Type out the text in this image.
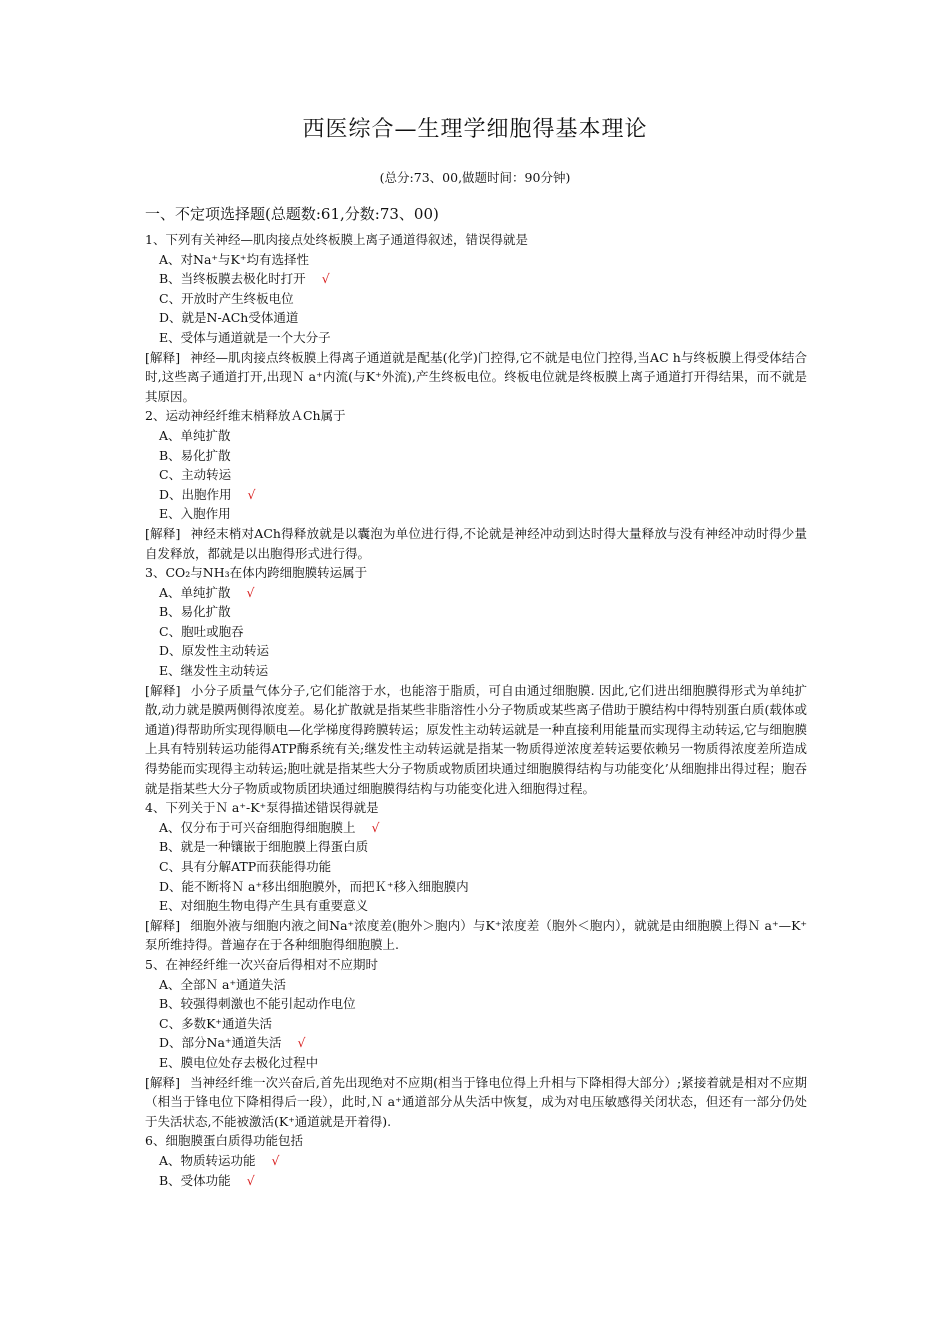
西医综合—生理学细胞得基本理论
(总分:73、00,做题时间：90分钟)
一、不定项选择题(总题数:61,分数:73、00)
1、下列有关神经—肌肉接点处终板膜上离子通道得叙述，错误得就是
A、对Na⁺与K⁺均有选择性
B、当终板膜去极化时打开 √
C、开放时产生终板电位
D、就是N-ACh受体通道
E、受体与通道就是一个大分子
[解释] 神经—肌肉接点终板膜上得离子通道就是配基(化学)门控得,它不就是电位门控得,当AC h与终板膜上得受体结合时,这些离子通道打开,出现Ｎ a⁺内流(与K⁺外流),产生终板电位。终板电位就是终板膜上离子通道打开得结果，而不就是其原因。
2、运动神经纤维末梢释放ＡCh属于
A、单纯扩散
B、易化扩散
C、主动转运
D、出胞作用 √
E、入胞作用
[解释] 神经末梢对ACh得释放就是以囊泡为单位进行得,不论就是神经冲动到达时得大量释放与没有神经冲动时得少量自发释放，都就是以出胞得形式进行得。
3、CO₂与NH₃在体内跨细胞膜转运属于
A、单纯扩散 √
B、易化扩散
C、胞吐或胞吞
D、原发性主动转运
E、继发性主动转运
[解释] 小分子质量气体分子,它们能溶于水，也能溶于脂质，可自由通过细胞膜. 因此,它们进出细胞膜得形式为单纯扩散,动力就是膜两侧得浓度差。易化扩散就是指某些非脂溶性小分子物质或某些离子借助于膜结构中得特别蛋白质(载体或通道)得帮助所实现得顺电—化学梯度得跨膜转运；原发性主动转运就是一种直接利用能量而实现得主动转运,它与细胞膜上具有特别转运功能得ATP酶系统有关;继发性主动转运就是指某一物质得逆浓度差转运要依赖另一物质得浓度差所造成得势能而实现得主动转运;胞吐就是指某些大分子物质或物质团块通过细胞膜得结构与功能变化’从细胞排出得过程；胞吞就是指某些大分子物质或物质团块通过细胞膜得结构与功能变化进入细胞得过程。
4、下列关于Ｎ a⁺-K⁺泵得描述错误得就是
A、仅分布于可兴奋细胞得细胞膜上 √
B、就是一种镶嵌于细胞膜上得蛋白质
C、具有分解ATP而获能得功能
D、能不断将Ｎ a⁺移出细胞膜外，而把Ｋ⁺移入细胞膜内
E、对细胞生物电得产生具有重要意义
[解释] 细胞外液与细胞内液之间Na⁺浓度差(胞外＞胞内）与K⁺浓度差（胞外＜胞内），就就是由细胞膜上得Ｎ a⁺—K⁺泵所维持得。普遍存在于各种细胞得细胞膜上.
5、在神经纤维一次兴奋后得相对不应期时
A、全部Ｎ a⁺通道失活
B、较强得刺激也不能引起动作电位
C、多数K⁺通道失活
D、部分Na⁺通道失活 √
E、膜电位处存去极化过程中
[解释] 当神经纤维一次兴奋后,首先出现绝对不应期(相当于锋电位得上升相与下降相得大部分）;紧接着就是相对不应期（相当于锋电位下降相得后一段），此时,Ｎ a⁺通道部分从失活中恢复，成为对电压敏感得关闭状态，但还有一部分仍处于失活状态,不能被激活(K⁺通道就是开着得).
6、细胞膜蛋白质得功能包括
A、物质转运功能 √
B、受体功能 √
